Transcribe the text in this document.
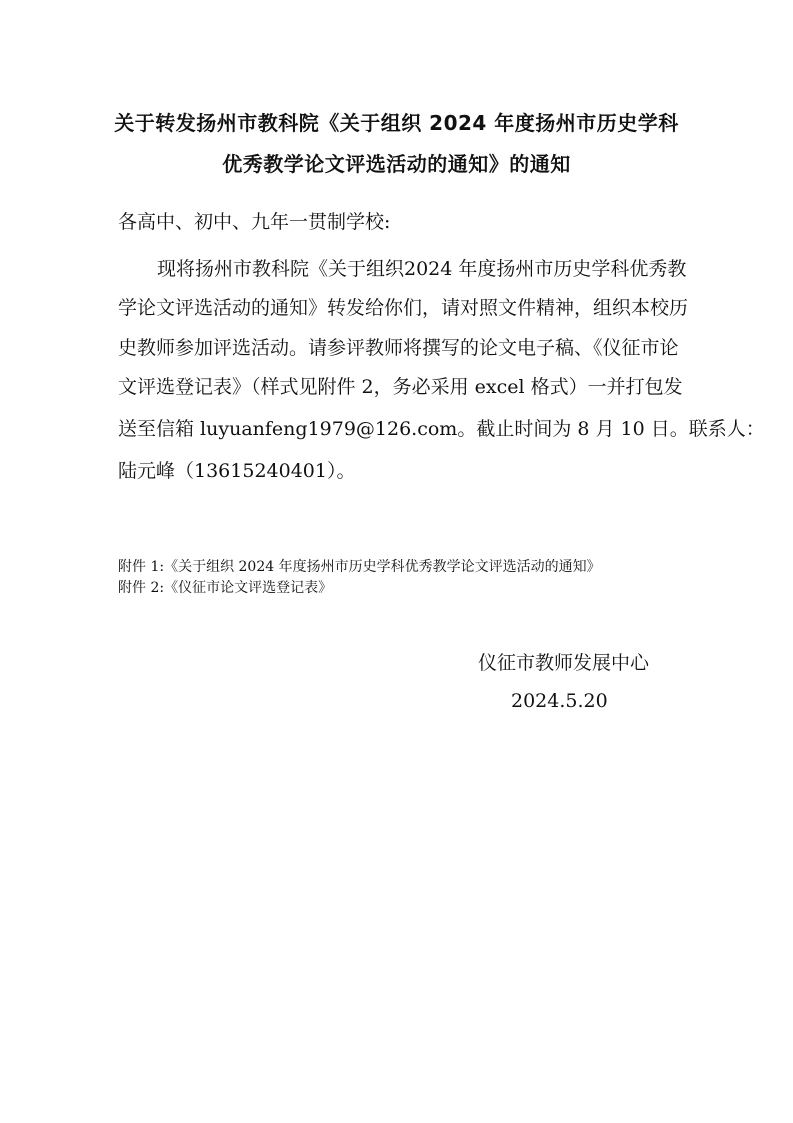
关于转发扬州市教科院《关于组织 2024 年度扬州市历史学科
优秀教学论文评选活动的通知》的通知
各高中、初中、九年一贯制学校:
现将扬州市教科院《关于组织2024 年度扬州市历史学科优秀教
学论文评选活动的通知》转发给你们，请对照文件精神，组织本校历
史教师参加评选活动。请参评教师将撰写的论文电子稿、《仪征市论
文评选登记表》（样式见附件 2，务必采用 excel 格式）一并打包发
送至信箱 luyuanfeng1979@126.com。截止时间为 8 月 10 日。联系人：
陆元峰（13615240401）。
附件 1:《关于组织 2024 年度扬州市历史学科优秀教学论文评选活动的通知》
附件 2:《仪征市论文评选登记表》
仪征市教师发展中心
2024.5.20
